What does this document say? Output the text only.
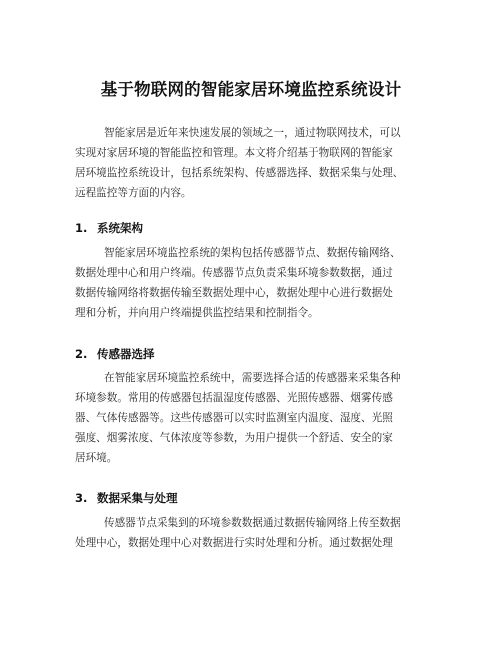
基于物联网的智能家居环境监控系统设计
智能家居是近年来快速发展的领域之一，通过物联网技术，可以
实现对家居环境的智能监控和管理。本文将介绍基于物联网的智能家
居环境监控系统设计，包括系统架构、传感器选择、数据采集与处理、
远程监控等方面的内容。
1. 系统架构
智能家居环境监控系统的架构包括传感器节点、数据传输网络、
数据处理中心和用户终端。传感器节点负责采集环境参数数据，通过
数据传输网络将数据传输至数据处理中心，数据处理中心进行数据处
理和分析，并向用户终端提供监控结果和控制指令。
2. 传感器选择
在智能家居环境监控系统中，需要选择合适的传感器来采集各种
环境参数。常用的传感器包括温湿度传感器、光照传感器、烟雾传感
器、气体传感器等。这些传感器可以实时监测室内温度、湿度、光照
强度、烟雾浓度、气体浓度等参数，为用户提供一个舒适、安全的家
居环境。
3. 数据采集与处理
传感器节点采集到的环境参数数据通过数据传输网络上传至数据
处理中心，数据处理中心对数据进行实时处理和分析。通过数据处理
